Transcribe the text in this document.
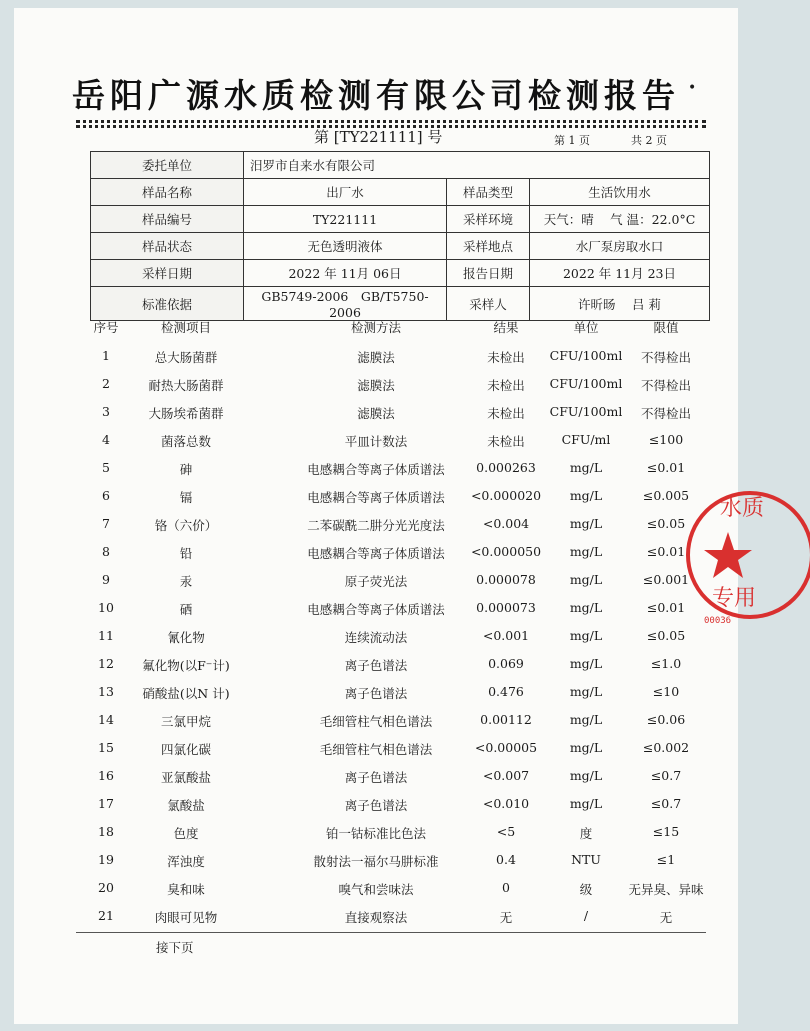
岳阳广源水质检测有限公司检测报告 •
第 [TY221111] 号	第 1 页	共 2 页
委托单位	汨罗市自来水有限公司		
样品名称	出厂水	样品类型	生活饮用水
样品编号	TY221111	采样环境	天气：晴　 气 温：22.0°C
样品状态	无色透明液体	采样地点	水厂泵房取水口
采样日期	2022 年 11月 06日	报告日期	2022 年 11月 23日
标准依据	GB5749-2006　GB/T5750-2006	采样人	许昕旸　 吕 莉
序号	检测项目	检测方法	结果	单位	限值
1	总大肠菌群	滤膜法	未检出	CFU/100ml	不得检出
2	耐热大肠菌群	滤膜法	未检出	CFU/100ml	不得检出
3	大肠埃希菌群	滤膜法	未检出	CFU/100ml	不得检出
4	菌落总数	平皿计数法	未检出	CFU/ml	≤100
5	砷	电感耦合等离子体质谱法	0.000263	mg/L	≤0.01
6	镉	电感耦合等离子体质谱法	<0.000020	mg/L	≤0.005
7	铬（六价）	二苯碳酰二肼分光光度法	<0.004	mg/L	≤0.05
8	铅	电感耦合等离子体质谱法	<0.000050	mg/L	≤0.01
9	汞	原子荧光法	0.000078	mg/L	≤0.001
10	硒	电感耦合等离子体质谱法	0.000073	mg/L	≤0.01
11	氰化物	连续流动法	<0.001	mg/L	≤0.05
12	氟化物(以F⁻计)	离子色谱法	0.069	mg/L	≤1.0
13	硝酸盐(以N 计)	离子色谱法	0.476	mg/L	≤10
14	三氯甲烷	毛细管柱气相色谱法	0.00112	mg/L	≤0.06
15	四氯化碳	毛细管柱气相色谱法	<0.00005	mg/L	≤0.002
16	亚氯酸盐	离子色谱法	<0.007	mg/L	≤0.7
17	氯酸盐	离子色谱法	<0.010	mg/L	≤0.7
18	色度	铂一钴标准比色法	<5	度	≤15
19	浑浊度	散射法一福尔马肼标准	0.4	NTU	≤1
20	臭和味	嗅气和尝味法	0	级	无异臭、异味
21	肉眼可见物	直接观察法	无	/	无
接下页
水质
专用
00036
